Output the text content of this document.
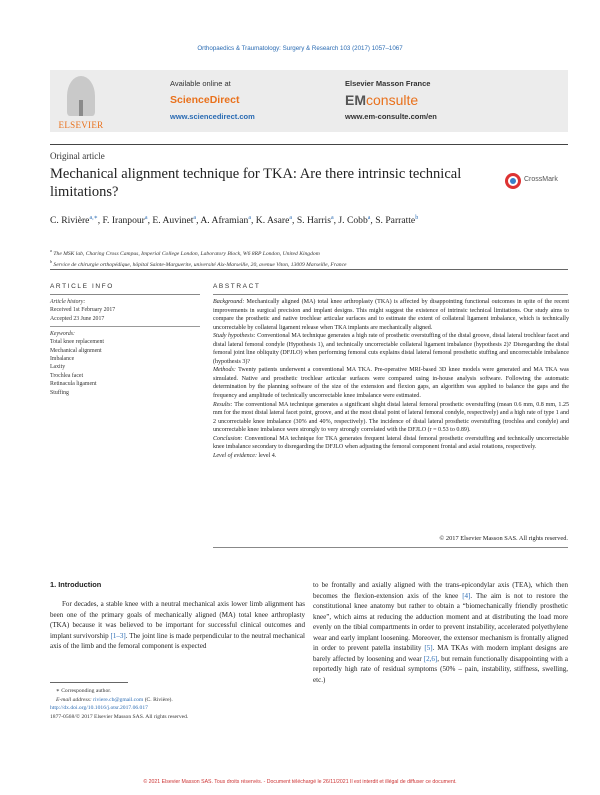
Orthopaedics & Traumatology: Surgery & Research 103 (2017) 1057–1067
ELSEVIER
Available online at
ScienceDirect
www.sciencedirect.com
Elsevier Masson France
EMconsulte
www.em-consulte.com/en
Original article
Mechanical alignment technique for TKA: Are there intrinsic technical limitations?
CrossMark
C. Rivière$^{a,∗}$, F. Iranpour$^a$, E. Auvinet$^a$, A. Aframian$^a$, K. Asare$^a$, S. Harris$^a$, J. Cobb$^a$, S. Parratte$^b$
$^a$ The MSK lab, Charing Cross Campus, Imperial College London, Laboratory Block, W6 8RP London, United Kingdom
$^b$ Service de chirurgie orthopédique, hôpital Sainte-Marguerite, université Aix-Marseille, 20, avenue Viton, 13009 Marseille, France
ARTICLE INFO	ABSTRACT
Article history:
Received 1st February 2017
Accepted 23 June 2017
Keywords:
Total knee replacement
Mechanical alignment
Imbalance
Laxity
Trochlea facet
Retinacula ligament
Stuffing
Background: Mechanically aligned (MA) total knee arthroplasty (TKA) is affected by disappointing functional outcomes in spite of the recent improvements in surgical precision and implant designs. This might suggest the existence of intrinsic technical limitations. Our study aims to compare the prosthetic and native trochlear articular surfaces and to estimate the extent of collateral ligament imbalance, which is technically uncorrectable by collateral ligament release when TKA implants are mechanically aligned.
Study hypothesis: Conventional MA technique generates a high rate of prosthetic overstuffing of the distal groove, distal lateral trochlear facet and distal lateral femoral condyle (Hypothesis 1), and technically uncorrectable collateral ligament imbalance (hypothesis 2)? Disregarding the distal femoral joint line obliquity (DFJLO) when performing femoral cuts explains distal lateral femoral prosthetic stuffing and uncorrectable imbalance (hypothesis 3)?
Methods: Twenty patients underwent a conventional MA TKA. Pre-operative MRI-based 3D knee models were generated and MA TKA was simulated. Native and prosthetic trochlear articular surfaces were compared using in-house analysis software. Following the automatic determination by the planning software of the size of the extension and flexion gaps, an algorithm was applied to balance the gaps and the frequency and amplitude of technically uncorrectable knee imbalance were estimated.
Results: The conventional MA technique generates a significant slight distal lateral femoral prosthetic overstuffing (mean 0.6 mm, 0.8 mm, 1.25 mm for the most distal lateral facet point, groove, and at the most distal point of lateral femoral condyle, respectively) and a high rate of type 1 and 2 uncorrectable knee imbalance (30% and 40%, respectively). The incidence of distal lateral prosthetic overstuffing (trochlea and condyle) and uncorrectable knee imbalance were strongly to very strongly correlated with the DFJLO (r = 0.53 to 0.89).
Conclusion: Conventional MA technique for TKA generates frequent lateral distal femoral prosthetic overstuffing and technically uncorrectable knee imbalance secondary to disregarding the DFJLO when adjusting the femoral component frontal and axial rotations, respectively.
Level of evidence: level 4.
© 2017 Elsevier Masson SAS. All rights reserved.
1. Introduction
For decades, a stable knee with a neutral mechanical axis lower limb alignment has been one of the primary goals of mechanically aligned (MA) total knee arthroplasty (TKA) because it was believed to be important for successful clinical outcomes and implant survivorship [1–3]. The joint line is made perpendicular to the neutral mechanical axis of the limb and the femoral component is expected
to be frontally and axially aligned with the trans-epicondylar axis (TEA), which then becomes the flexion-extension axis of the knee [4]. The aim is not to restore the constitutional knee anatomy but rather to obtain a “biomechanically friendly prosthetic knee”, which aims at reducing the adduction moment and at distributing the load more evenly on the tibial compartments in order to prevent instability, accelerated polyethylene wear and early implant loosening. Moreover, the extensor mechanism is frontally aligned in order to prevent patella instability [5]. MA TKAs with modern implant designs are barely affected by loosening and wear [2,6], but remain functionally disappointing with a reportedly high rate of residual symptoms (50% – pain, instability, stiffness, swelling, etc.)
∗ Corresponding author.
E-mail address: riviere.cb@gmail.com (C. Rivière).
http://dx.doi.org/10.1016/j.otsr.2017.06.017
1877-0568/© 2017 Elsevier Masson SAS. All rights reserved.
© 2021 Elsevier Masson SAS. Tous droits réservés. - Document téléchargé le 26/11/2021 Il est interdit et illégal de diffuser ce document.
